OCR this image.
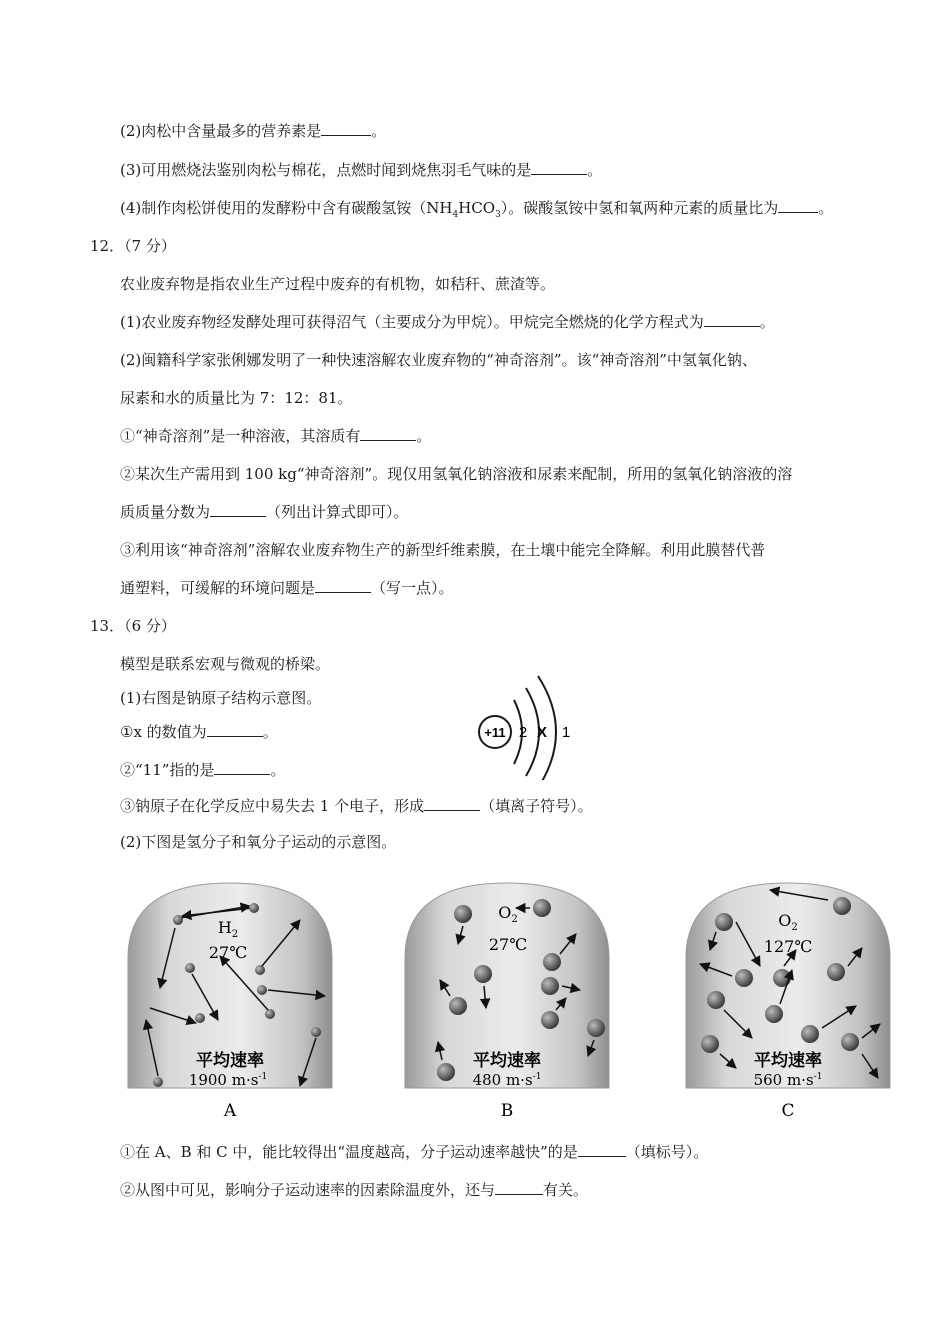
(2)肉松中含量最多的营养素是	。
(3)可用燃烧法鉴别肉松与棉花，点燃时闻到烧焦羽毛气味的是	。
(4)制作肉松饼使用的发酵粉中含有碳酸氢铵$(NH_4HCO_3)$。碳酸氢铵中氢和氧两种元素的质量比为	。
12．（7 分）
农业废弃物是指农业生产过程中废弃的有机物，如秸秆、蔗渣等。
(1)农业废弃物经发酵处理可获得沼气（主要成分为甲烷）。甲烷完全燃烧的化学方程式为	。
(2)闽籍科学家张俐娜发明了一种快速溶解农业废弃物的“神奇溶剂”。该“神奇溶剂”中氢氧化钠、
尿素和水的质量比为 7：12：81。
①“神奇溶剂”是一种溶液，其溶质有	。
②某次生产需用到 100 kg“神奇溶剂”。现仅用氢氧化钠溶液和尿素来配制，所用的氢氧化钠溶液的溶
质质量分数为	（列出计算式即可）。
③利用该“神奇溶剂”溶解农业废弃物生产的新型纤维素膜，在土壤中能完全降解。利用此膜替代普
通塑料，可缓解的环境问题是	（写一点）。
13．（6 分）
模型是联系宏观与微观的桥梁。
(1)右图是钠原子结构示意图。
①x 的数值为	。
②“11”指的是	。
③钠原子在化学反应中易失去 1 个电子，形成	（填离子符号）。
(2)下图是氢分子和氧分子运动的示意图。
+11 2 X 1
$H_2$
27℃
平均速率
1900 $m\cdot s^{-1}$
A
$O_2$
27℃
平均速率
480 $m\cdot s^{-1}$
B
$O_2$
127℃
平均速率
560 $m\cdot s^{-1}$
C
①在 A、B 和 C 中，能比较得出“温度越高，分子运动速率越快”的是	（填标号）。
②从图中可见，影响分子运动速率的因素除温度外，还与	有关。
